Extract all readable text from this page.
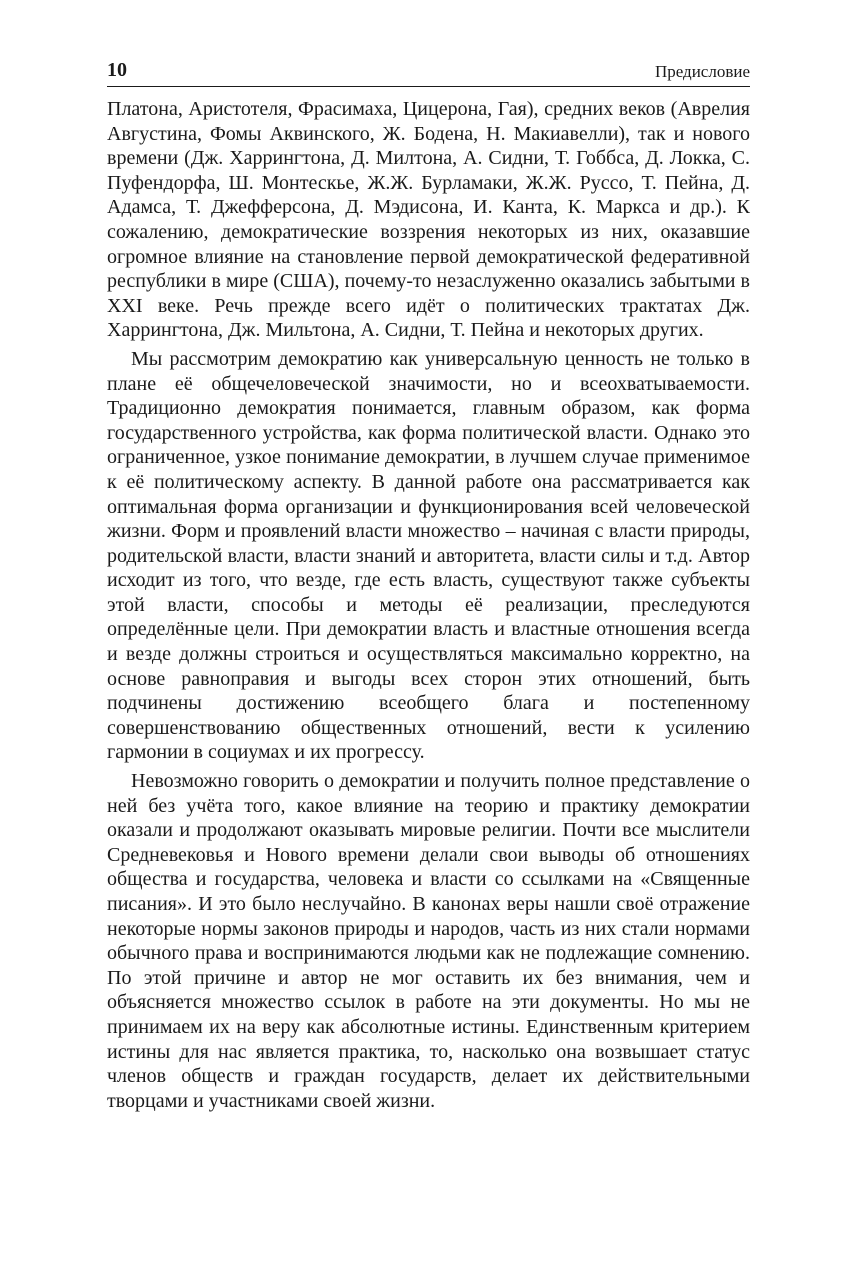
10	Предисловие

Платона, Аристотеля, Фрасимаха, Цицерона, Гая), средних веков (Аврелия Августина, Фомы Аквинского, Ж. Бодена, Н. Макиавелли), так и нового времени (Дж. Харрингтона, Д. Милтона, А. Сидни, Т. Гоббса, Д. Локка, С. Пуфендорфа, Ш. Монтескье, Ж.Ж. Бурламаки, Ж.Ж. Руссо, Т. Пейна, Д. Адамса, Т. Джефферсона, Д. Мэдисона, И. Канта, К. Маркса и др.). К сожалению, демократические воззрения некоторых из них, оказавшие огромное влияние на становление первой демократической федеративной республики в мире (США), почему-то незаслуженно оказались забытыми в XXI веке. Речь прежде всего идёт о политических трактатах Дж. Харрингтона, Дж. Мильтона, А. Сидни, Т. Пейна и некоторых других.

Мы рассмотрим демократию как универсальную ценность не только в плане её общечеловеческой значимости, но и всеохватываемости. Традиционно демократия понимается, главным образом, как форма государственного устройства, как форма политической власти. Однако это ограниченное, узкое понимание демократии, в лучшем случае применимое к её политическому аспекту. В данной работе она рассматривается как оптимальная форма организации и функционирования всей человеческой жизни. Форм и проявлений власти множество – начиная с власти природы, родительской власти, власти знаний и авторитета, власти силы и т.д. Автор исходит из того, что везде, где есть власть, существуют также субъекты этой власти, способы и методы её реализации, преследуются определённые цели. При демократии власть и властные отношения всегда и везде должны строиться и осуществляться максимально корректно, на основе равноправия и выгоды всех сторон этих отношений, быть подчинены достижению всеобщего блага и постепенному совершенствованию общественных отношений, вести к усилению гармонии в социумах и их прогрессу.

Невозможно говорить о демократии и получить полное представление о ней без учёта того, какое влияние на теорию и практику демократии оказали и продолжают оказывать мировые религии. Почти все мыслители Средневековья и Нового времени делали свои выводы об отношениях общества и государства, человека и власти со ссылками на «Священные писания». И это было неслучайно. В канонах веры нашли своё отражение некоторые нормы законов природы и народов, часть из них стали нормами обычного права и воспринимаются людьми как не подлежащие сомнению. По этой причине и автор не мог оставить их без внимания, чем и объясняется множество ссылок в работе на эти документы. Но мы не принимаем их на веру как абсолютные истины. Единственным критерием истины для нас является практика, то, насколько она возвышает статус членов обществ и граждан государств, делает их действительными творцами и участниками своей жизни.
